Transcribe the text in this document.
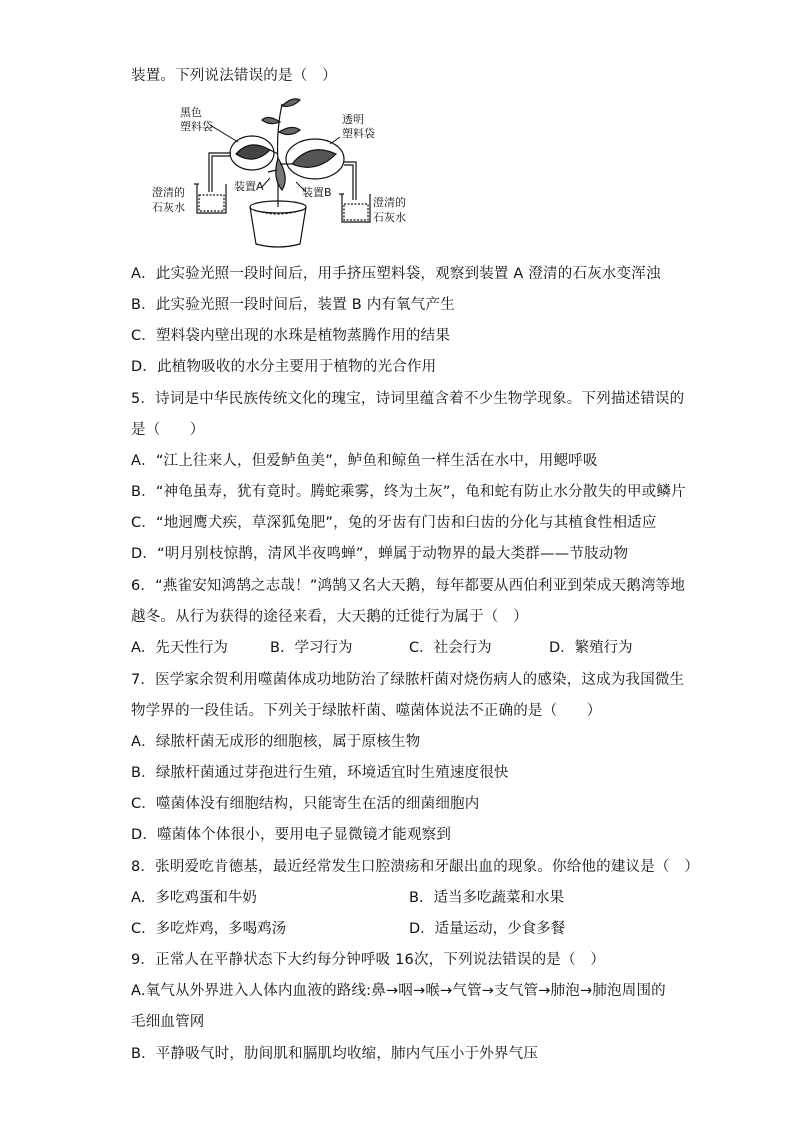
装置。下列说法错误的是（　）
黑色
塑料袋
透明
塑料袋
装置A	装置B
澄清的
石灰水	澄清的
石灰水
A．此实验光照一段时间后，用手挤压塑料袋，观察到装置 A 澄清的石灰水变浑浊
B．此实验光照一段时间后，装置 B 内有氧气产生
C．塑料袋内壁出现的水珠是植物蒸腾作用的结果
D．此植物吸收的水分主要用于植物的光合作用
5．诗词是中华民族传统文化的瑰宝，诗词里蕴含着不少生物学现象。下列描述错误的
是（　　）
A．“江上往来人，但爱鲈鱼美”，鲈鱼和鲸鱼一样生活在水中，用鳃呼吸
B．“神龟虽寿，犹有竟时。腾蛇乘雾，终为土灰”，龟和蛇有防止水分散失的甲或鳞片
C．“地迥鹰犬疾，草深狐兔肥”，兔的牙齿有门齿和臼齿的分化与其植食性相适应
D．“明月别枝惊鹊，清风半夜鸣蝉”，蝉属于动物界的最大类群——节肢动物
6．“燕雀安知鸿鹄之志哉！”鸿鹄又名大天鹅，每年都要从西伯利亚到荣成天鹅湾等地
越冬。从行为获得的途径来看，大天鹅的迁徙行为属于（　）
A．先天性行为	B．学习行为	C．社会行为	D．繁殖行为
7．医学家余贺利用噬菌体成功地防治了绿脓杆菌对烧伤病人的感染，这成为我国微生
物学界的一段佳话。下列关于绿脓杆菌、噬菌体说法不正确的是（　　）
A．绿脓杆菌无成形的细胞核，属于原核生物
B．绿脓杆菌通过芽孢进行生殖，环境适宜时生殖速度很快
C．噬菌体没有细胞结构，只能寄生在活的细菌细胞内
D．噬菌体个体很小，要用电子显微镜才能观察到
8．张明爱吃肯德基，最近经常发生口腔溃疡和牙龈出血的现象。你给他的建议是（　）
A．多吃鸡蛋和牛奶	B．适当多吃蔬菜和水果
C．多吃炸鸡，多喝鸡汤	D．适量运动，少食多餐
9．正常人在平静状态下大约每分钟呼吸 16次，下列说法错误的是（　）
A.氧气从外界进入人体内血液的路线:鼻→咽→喉→气管→支气管→肺泡→肺泡周围的
毛细血管网
B．平静吸气时，肋间肌和膈肌均收缩，肺内气压小于外界气压
